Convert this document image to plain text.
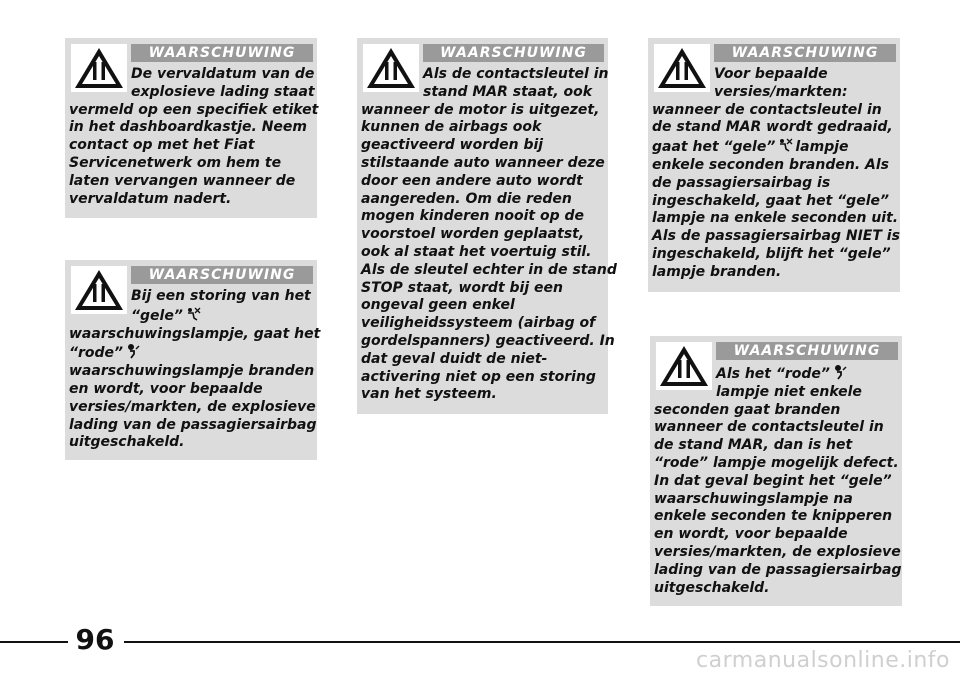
WAARSCHUWING

De vervaldatum van de

explosieve lading staat

vermeld op een specifiek etiket

in het dashboardkastje. Neem

contact op met het Fiat

Servicenetwerk om hem te

laten vervangen wanneer de

vervaldatum nadert.

WAARSCHUWING

Bij een storing van het

“gele”

waarschuwingslampje, gaat het

“rode”

waarschuwingslampje branden

en wordt, voor bepaalde

versies/markten, de explosieve

lading van de passagiersairbag

uitgeschakeld.

WAARSCHUWING

Als de contactsleutel in

stand MAR staat, ook

wanneer de motor is uitgezet,

kunnen de airbags ook

geactiveerd worden bij

stilstaande auto wanneer deze

door een andere auto wordt

aangereden. Om die reden

mogen kinderen nooit op de

voorstoel worden geplaatst,

ook al staat het voertuig stil.

Als de sleutel echter in de stand

STOP staat, wordt bij een

ongeval geen enkel

veiligheidssysteem (airbag of

gordelspanners) geactiveerd. In

dat geval duidt de niet-

activering niet op een storing

van het systeem.

WAARSCHUWING

Voor bepaalde

versies/markten:

wanneer de contactsleutel in

de stand MAR wordt gedraaid,

gaat het “gele” lampje

enkele seconden branden. Als

de passagiersairbag is

ingeschakeld, gaat het “gele”

lampje na enkele seconden uit.

Als de passagiersairbag NIET is

ingeschakeld, blijft het “gele”

lampje branden.

WAARSCHUWING

Als het “rode”

lampje niet enkele

seconden gaat branden

wanneer de contactsleutel in

de stand MAR, dan is het

“rode” lampje mogelijk defect.

In dat geval begint het “gele”

waarschuwingslampje na

enkele seconden te knipperen

en wordt, voor bepaalde

versies/markten, de explosieve

lading van de passagiersairbag

uitgeschakeld.

96
carmanualsonline.info
